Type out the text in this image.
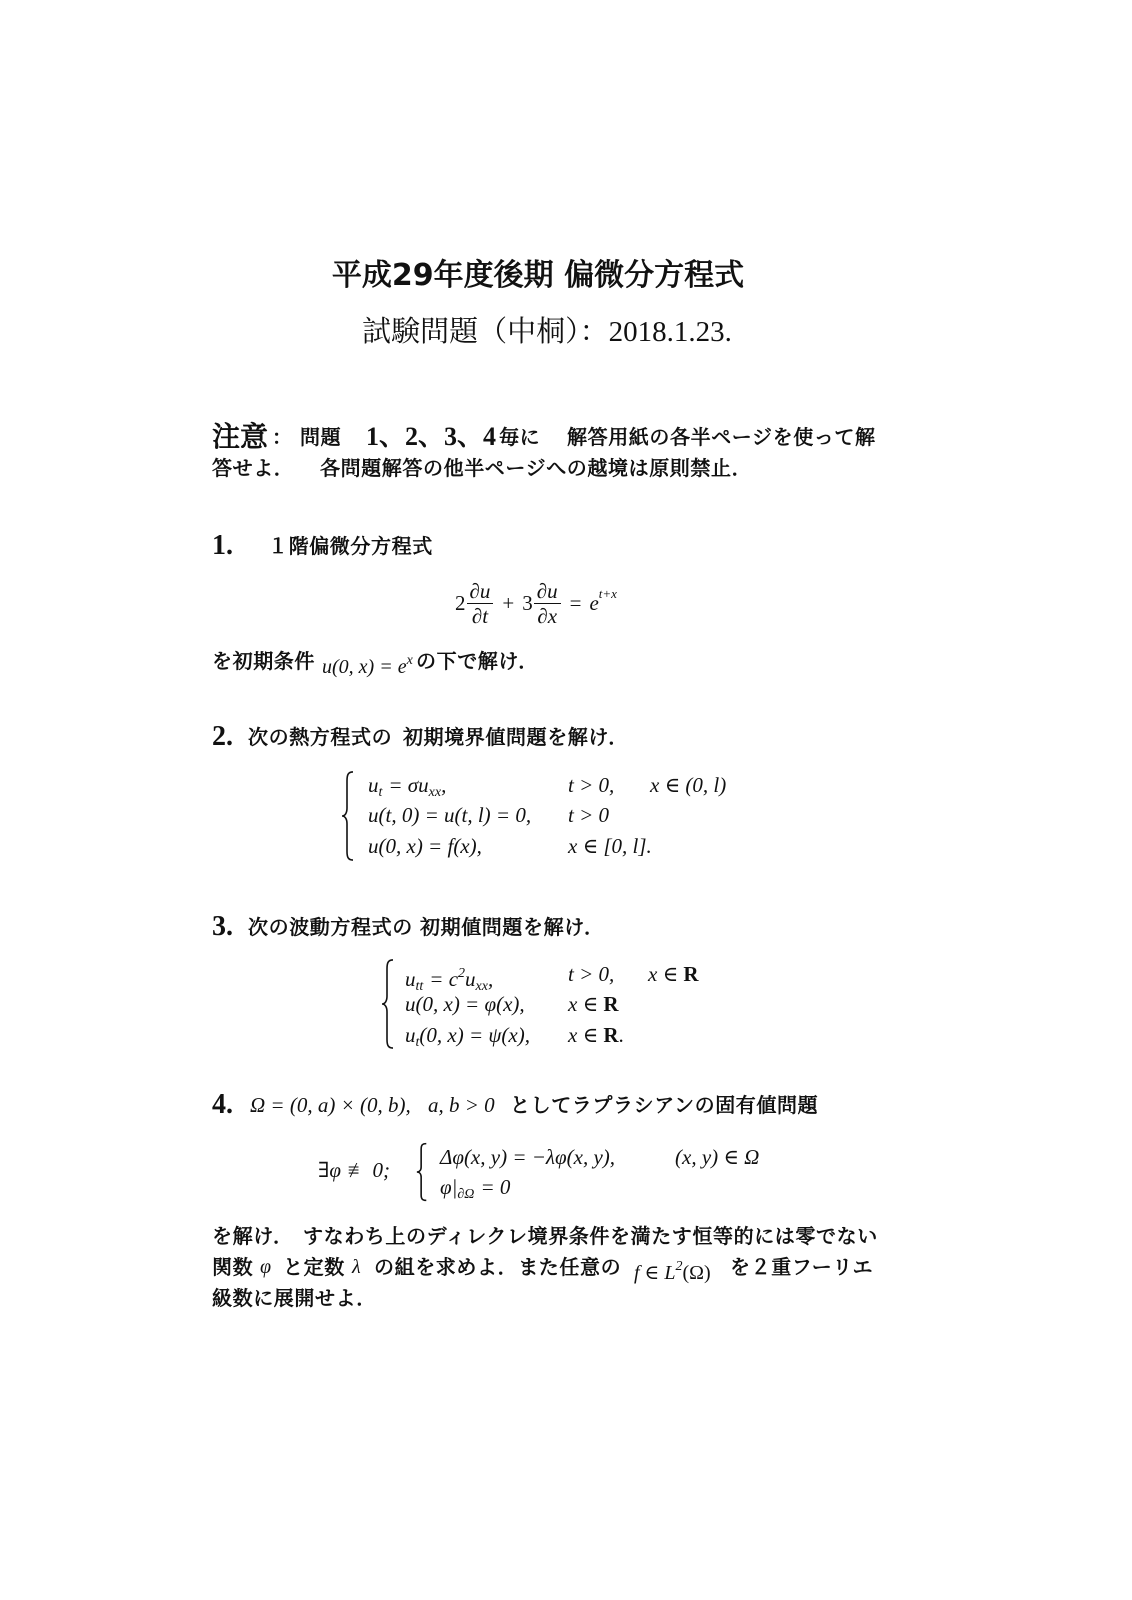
平成29年度後期 偏微分方程式
試験問題（中桐）：2018.1.23.
注意 ： 問題 1、2、3、4 毎に 解答用紙の各半ページを使って解
答せよ． 各問題解答の他半ページへの越境は原則禁止．
1. １階偏微分方程式
$2 \frac{\partial u}{\partial t} + 3 \frac{\partial u}{\partial x} = e$ t+x
を初期条件 u(0, $x) = e^x$ の下で解け．
2. 次の熱方程式の 初期境界値問題を解け．
$u_t = \sigma u_{xx}$,	t > 0, x ∈ (0, l)
u(t, 0) = u(t, l) = 0, t > 0
u(0, x) = f(x),	x ∈ [0, l].
3. 次の波動方程式の 初期値問題を解け．
$u_{tt} = c^2u_{xx}$,	t > 0, x ∈ R
u(0, x) = φ(x), x ∈ R
$u_t(0$, x) = ψ(x), x ∈ R.
4. Ω = (0, a) × (0, b), a, b > 0 としてラプラシアンの固有値問題
∃φ ≢ 0;
Δφ(x, y) = −λφ(x, y),	(x, y) ∈ Ω
$\varphi|_{\partial\Omega} = 0$
を解け． すなわち上のディレクレ境界条件を満たす恒等的には零でない
関数 φ と定数 λ の組を求めよ．また任意の f ∈ $L^2(\Omega)$ を２重フーリエ
級数に展開せよ．
